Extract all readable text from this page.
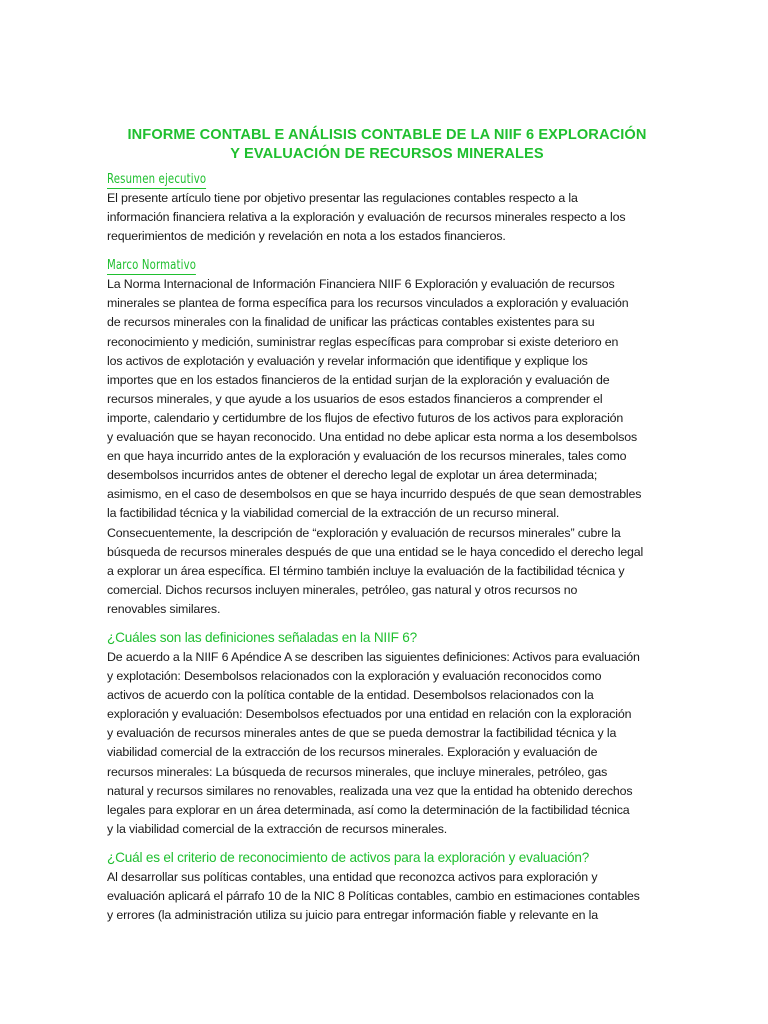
INFORME CONTABL E ANÁLISIS CONTABLE DE LA NIIF 6 EXPLORACIÓN
Y EVALUACIÓN DE RECURSOS MINERALES
Resumen ejecutivo

El presente artículo tiene por objetivo presentar las regulaciones contables respecto a la
información financiera relativa a la exploración y evaluación de recursos minerales respecto a los
requerimientos de medición y revelación en nota a los estados financieros.

Marco Normativo

La Norma Internacional de Información Financiera NIIF 6 Exploración y evaluación de recursos
minerales se plantea de forma específica para los recursos vinculados a exploración y evaluación
de recursos minerales con la finalidad de unificar las prácticas contables existentes para su
reconocimiento y medición, suministrar reglas específicas para comprobar si existe deterioro en
los activos de explotación y evaluación y revelar información que identifique y explique los
importes que en los estados financieros de la entidad surjan de la exploración y evaluación de
recursos minerales, y que ayude a los usuarios de esos estados financieros a comprender el
importe, calendario y certidumbre de los flujos de efectivo futuros de los activos para exploración
y evaluación que se hayan reconocido. Una entidad no debe aplicar esta norma a los desembolsos
en que haya incurrido antes de la exploración y evaluación de los recursos minerales, tales como
desembolsos incurridos antes de obtener el derecho legal de explotar un área determinada;
asimismo, en el caso de desembolsos en que se haya incurrido después de que sean demostrables
la factibilidad técnica y la viabilidad comercial de la extracción de un recurso mineral.
Consecuentemente, la descripción de “exploración y evaluación de recursos minerales” cubre la
búsqueda de recursos minerales después de que una entidad se le haya concedido el derecho legal
a explorar un área específica. El término también incluye la evaluación de la factibilidad técnica y
comercial. Dichos recursos incluyen minerales, petróleo, gas natural y otros recursos no
renovables similares.

¿Cuáles son las definiciones señaladas en la NIIF 6?

De acuerdo a la NIIF 6 Apéndice A se describen las siguientes definiciones: Activos para evaluación
y explotación: Desembolsos relacionados con la exploración y evaluación reconocidos como
activos de acuerdo con la política contable de la entidad. Desembolsos relacionados con la
exploración y evaluación: Desembolsos efectuados por una entidad en relación con la exploración
y evaluación de recursos minerales antes de que se pueda demostrar la factibilidad técnica y la
viabilidad comercial de la extracción de los recursos minerales. Exploración y evaluación de
recursos minerales: La búsqueda de recursos minerales, que incluye minerales, petróleo, gas
natural y recursos similares no renovables, realizada una vez que la entidad ha obtenido derechos
legales para explorar en un área determinada, así como la determinación de la factibilidad técnica
y la viabilidad comercial de la extracción de recursos minerales.

¿Cuál es el criterio de reconocimiento de activos para la exploración y evaluación?

Al desarrollar sus políticas contables, una entidad que reconozca activos para exploración y
evaluación aplicará el párrafo 10 de la NIC 8 Políticas contables, cambio en estimaciones contables
y errores (la administración utiliza su juicio para entregar información fiable y relevante en la
